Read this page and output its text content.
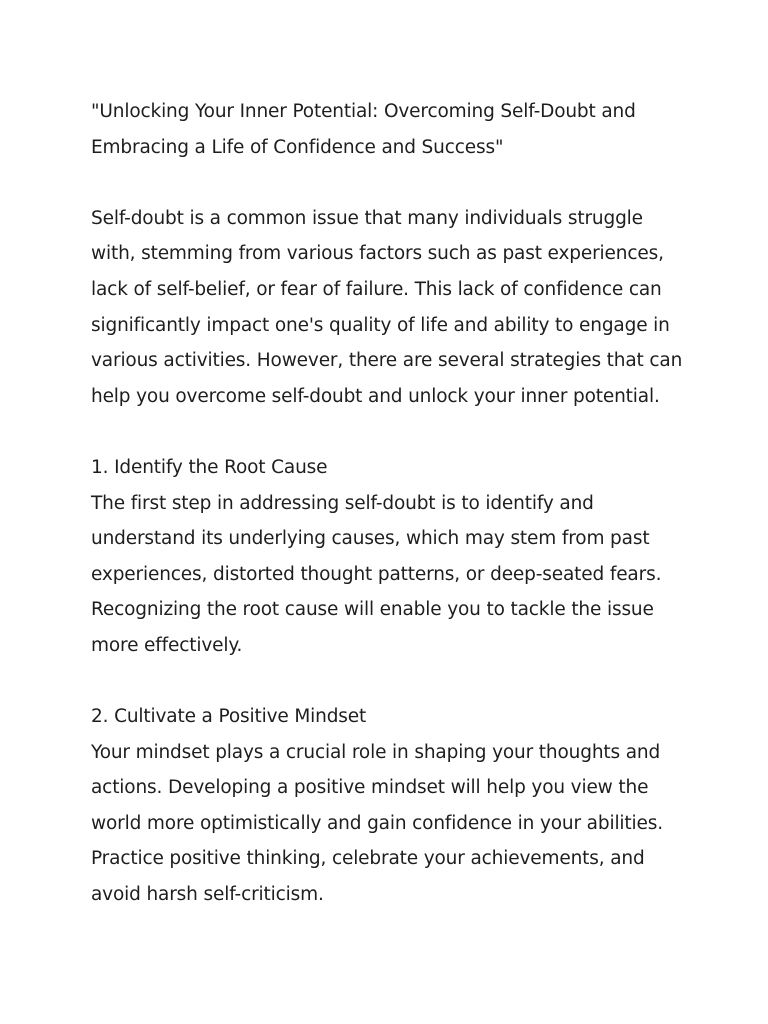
"Unlocking Your Inner Potential: Overcoming Self-Doubt and Embracing a Life of Confidence and Success"

Self-doubt is a common issue that many individuals struggle with, stemming from various factors such as past experiences, lack of self-belief, or fear of failure. This lack of confidence can significantly impact one's quality of life and ability to engage in various activities. However, there are several strategies that can help you overcome self-doubt and unlock your inner potential.

1. Identify the Root Cause

The first step in addressing self-doubt is to identify and understand its underlying causes, which may stem from past experiences, distorted thought patterns, or deep-seated fears. Recognizing the root cause will enable you to tackle the issue more effectively.

2. Cultivate a Positive Mindset

Your mindset plays a crucial role in shaping your thoughts and actions. Developing a positive mindset will help you view the world more optimistically and gain confidence in your abilities. Practice positive thinking, celebrate your achievements, and avoid harsh self-criticism.
